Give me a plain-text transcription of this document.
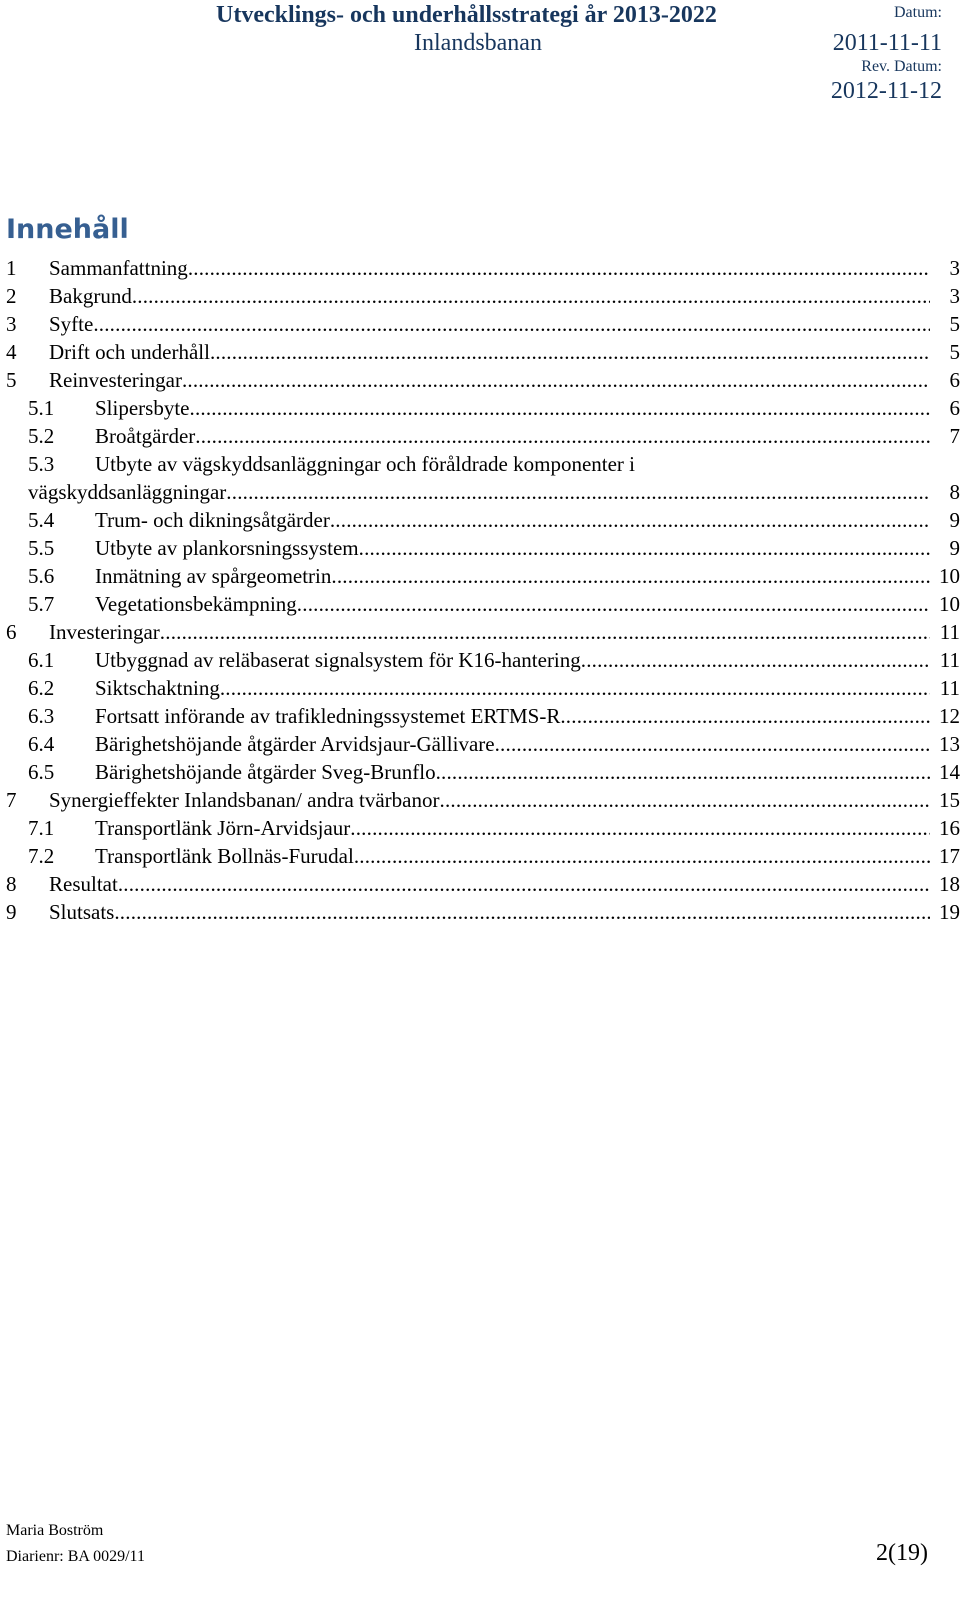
Utvecklings- och underhållsstrategi år 2013-2022
Inlandsbanan
Datum:
2011-11-11
Rev. Datum:
2012-11-12
Innehåll
1 Sammanfattning .....	3
2 Bakgrund .....	3
3 Syfte .....	5
4 Drift och underhåll .....	5
5 Reinvesteringar .....	6
5.1 Slipersbyte .....	6
5.2 Broåtgärder .....	7
5.3 Utbyte av vägskyddsanläggningar och föråldrade komponenter i
vägskyddsanläggningar .....	8
5.4 Trum- och dikningsåtgärder .....	9
5.5 Utbyte av plankorsningssystem .....	9
5.6 Inmätning av spårgeometrin .....	10
5.7 Vegetationsbekämpning .....	10
6 Investeringar .....	11
6.1 Utbyggnad av reläbaserat signalsystem för K16-hantering .....	11
6.2 Siktschaktning .....	11
6.3 Fortsatt införande av trafikledningssystemet ERTMS-R .....	12
6.4 Bärighetshöjande åtgärder Arvidsjaur-Gällivare .....	13
6.5 Bärighetshöjande åtgärder Sveg-Brunflo .....	14
7 Synergieffekter Inlandsbanan/ andra tvärbanor .....	15
7.1 Transportlänk Jörn-Arvidsjaur .....	16
7.2 Transportlänk Bollnäs-Furudal .....	17
8 Resultat .....	18
9 Slutsats .....	19
Maria Boström
Diarienr: BA 0029/11	2(19)
